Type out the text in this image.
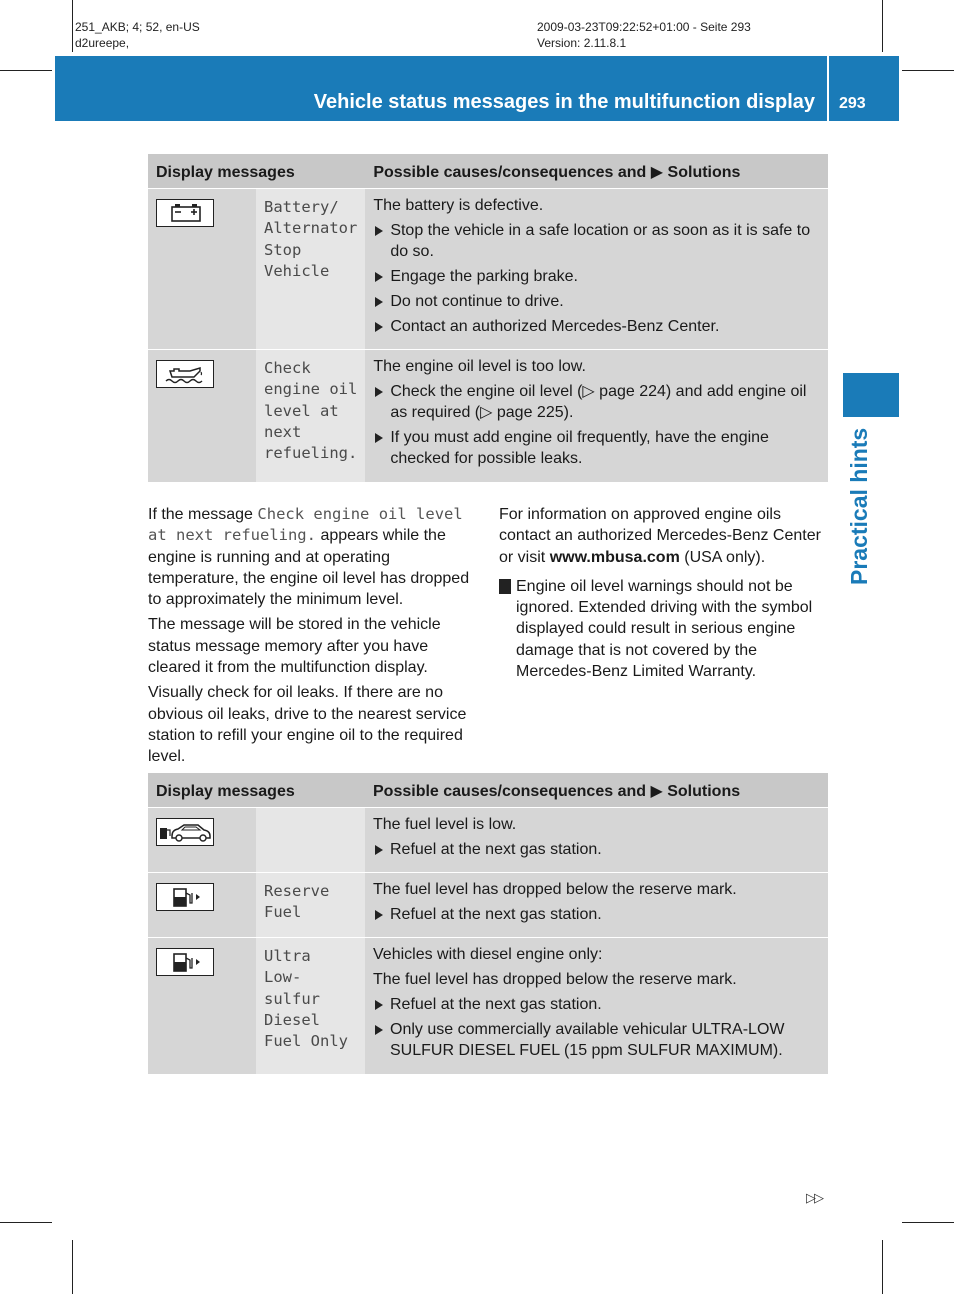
251_AKB; 4; 52, en-US
d2ureepe,
2009-03-23T09:22:52+01:00 - Seite 293
Version: 2.11.8.1
Vehicle status messages in the multifunction display 293
Practical hints
Display messages		Possible causes/consequences and ▶ Solutions

	Battery/ Alternator Stop Vehicle	The battery is defective.
Stop the vehicle in a safe location or as soon as it is safe to do so.
Engage the parking brake.
Do not continue to drive.
Contact an authorized Mercedes-Benz Center.

	Check engine oil level at next refueling.	The engine oil level is too low.
Check the engine oil level (▷ page 224) and add engine oil as required (▷ page 225).
If you must add engine oil frequently, have the engine checked for possible leaks.

If the message Check engine oil level at next refueling. appears while the engine is running and at operating temperature, the engine oil level has dropped to approximately the minimum level.

The message will be stored in the vehicle status message memory after you have cleared it from the multifunction display.

Visually check for oil leaks. If there are no obvious oil leaks, drive to the nearest service station to refill your engine oil to the required level.

For information on approved engine oils contact an authorized Mercedes-Benz Center or visit www.mbusa.com (USA only).

! Engine oil level warnings should not be ignored. Extended driving with the symbol displayed could result in serious engine damage that is not covered by the Mercedes-Benz Limited Warranty.

Display messages		Possible causes/consequences and ▶ Solutions

The fuel level is low.
Refuel at the next gas station.

	Reserve Fuel	The fuel level has dropped below the reserve mark.
Refuel at the next gas station.

	Ultra Low-sulfur Diesel Fuel Only	Vehicles with diesel engine only:
The fuel level has dropped below the reserve mark.
Refuel at the next gas station.
Only use commercially available vehicular ULTRA-LOW SULFUR DIESEL FUEL (15 ppm SULFUR MAXIMUM).
▷▷
